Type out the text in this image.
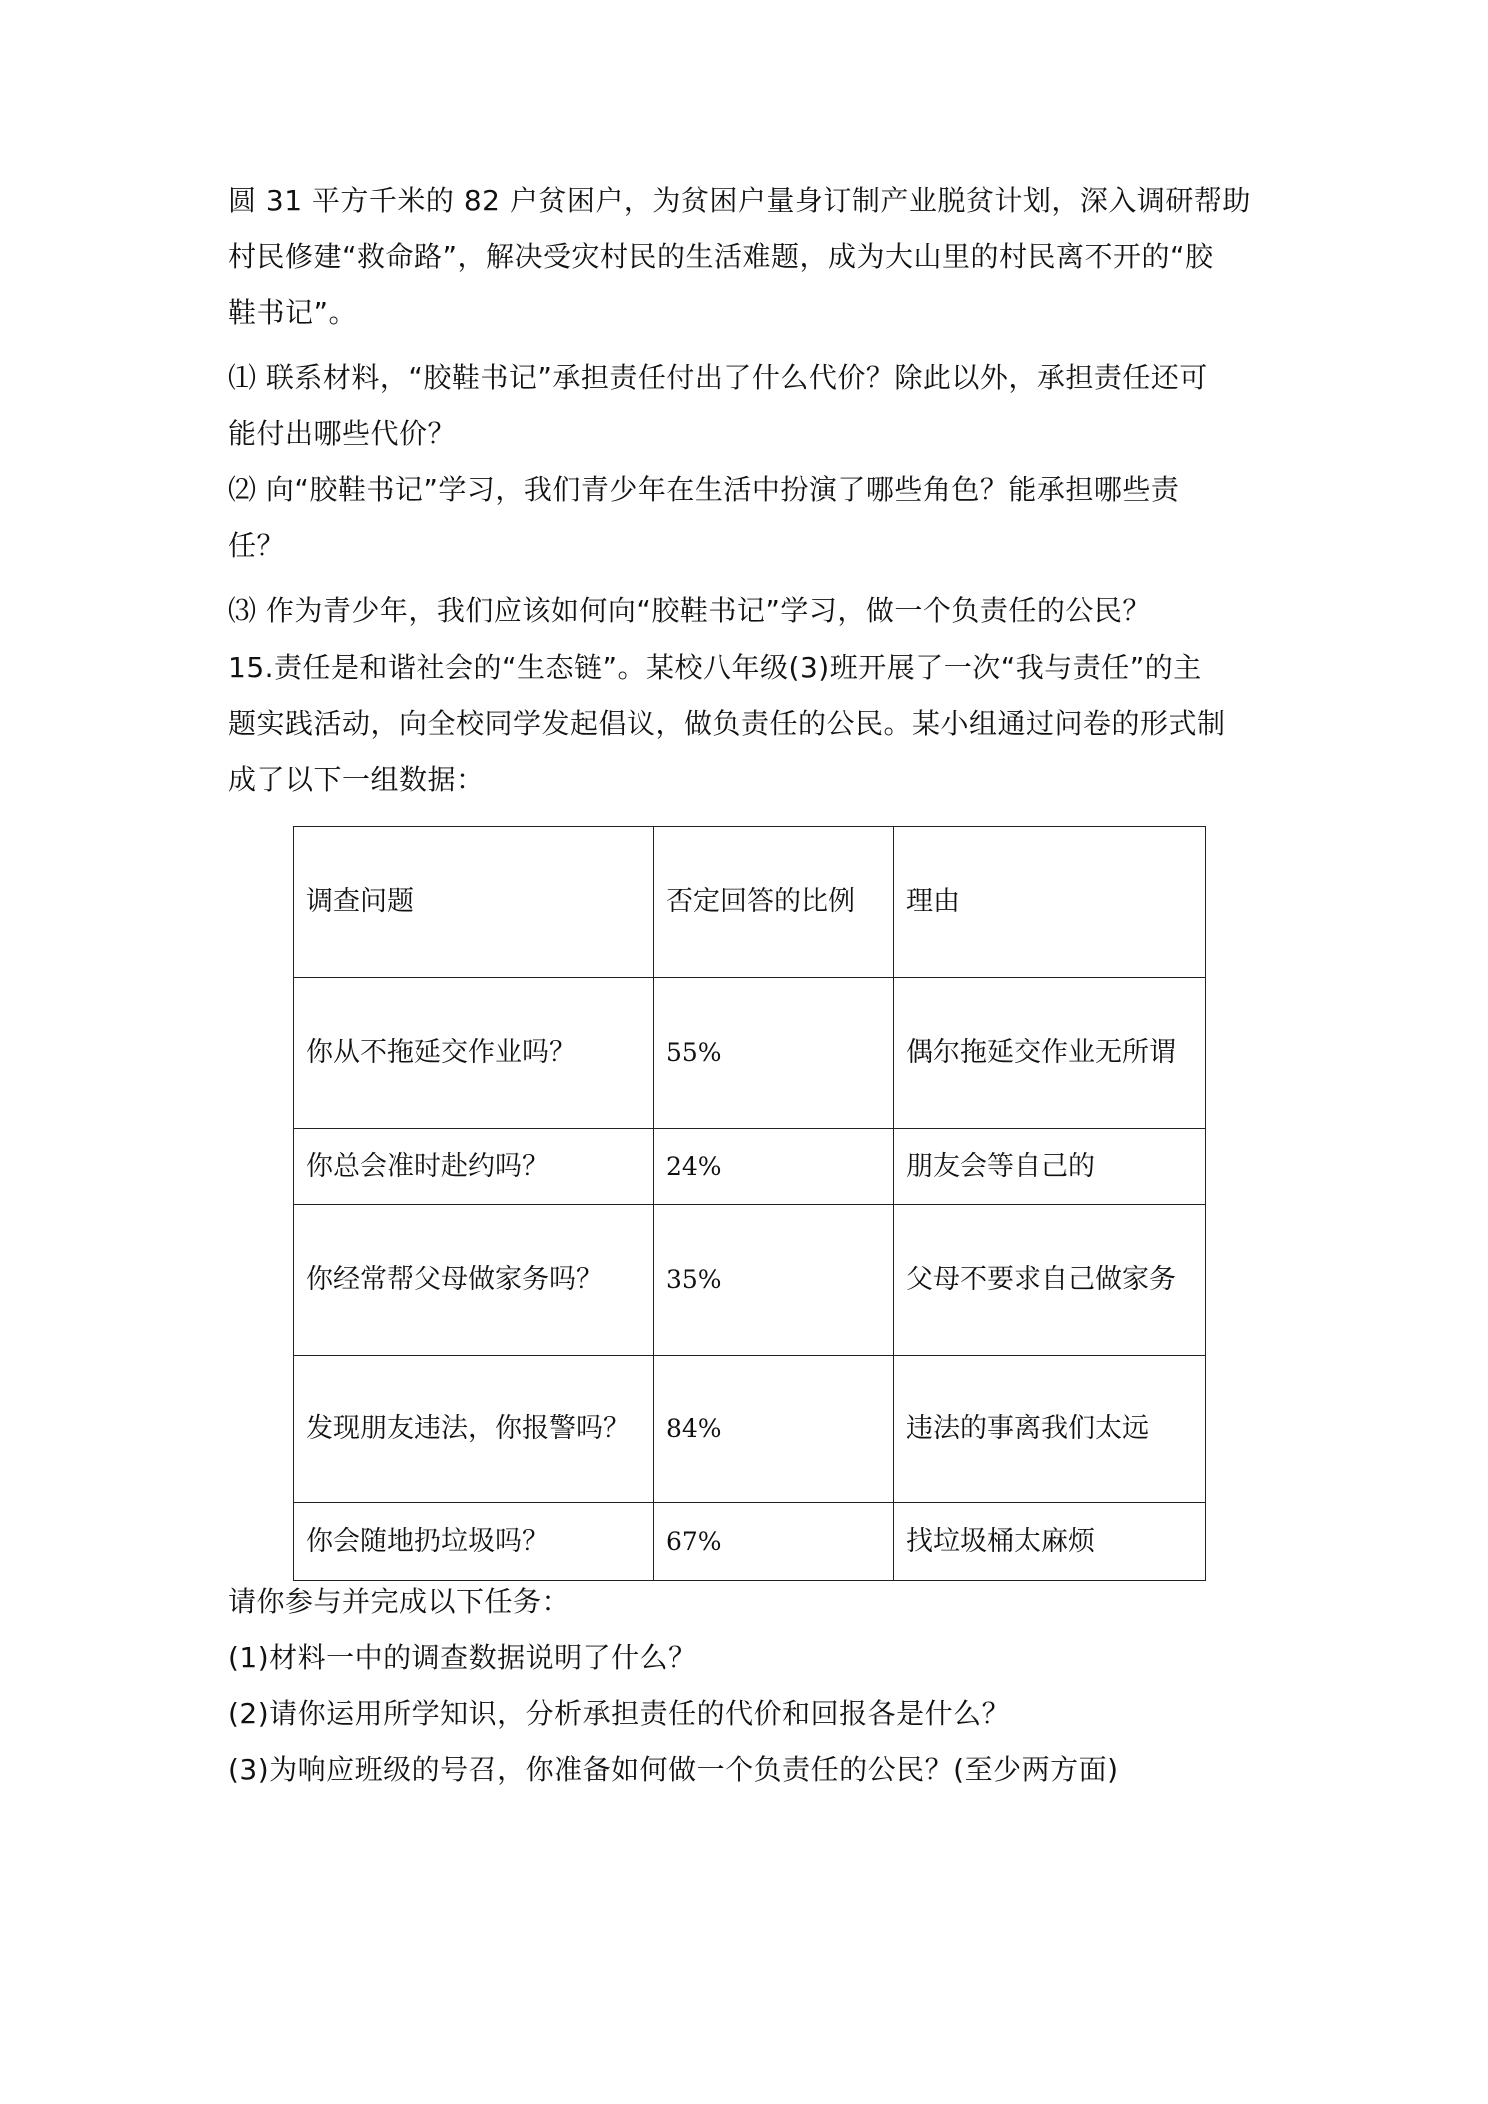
圆 31 平方千米的 82 户贫困户，为贫困户量身订制产业脱贫计划，深入调研帮助
村民修建“救命路”，解决受灾村民的生活难题，成为大山里的村民离不开的“胶
鞋书记”。
⑴ 联系材料，“胶鞋书记”承担责任付出了什么代价？除此以外，承担责任还可
能付出哪些代价？
⑵ 向“胶鞋书记”学习，我们青少年在生活中扮演了哪些角色？能承担哪些责
任？
⑶ 作为青少年，我们应该如何向“胶鞋书记”学习，做一个负责任的公民？
15.责任是和谐社会的“生态链”。某校八年级(3)班开展了一次“我与责任”的主
题实践活动，向全校同学发起倡议，做负责任的公民。某小组通过问卷的形式制
成了以下一组数据：
调查问题	否定回答的比例	理由
你从不拖延交作业吗？	55%	偶尔拖延交作业无所谓
你总会准时赴约吗？	24%	朋友会等自己的
你经常帮父母做家务吗？	35%	父母不要求自己做家务
发现朋友违法，你报警吗？	84%	违法的事离我们太远
你会随地扔垃圾吗？	67%	找垃圾桶太麻烦
请你参与并完成以下任务：
(1)材料一中的调查数据说明了什么？
(2)请你运用所学知识，分析承担责任的代价和回报各是什么？
(3)为响应班级的号召，你准备如何做一个负责任的公民？(至少两方面)
